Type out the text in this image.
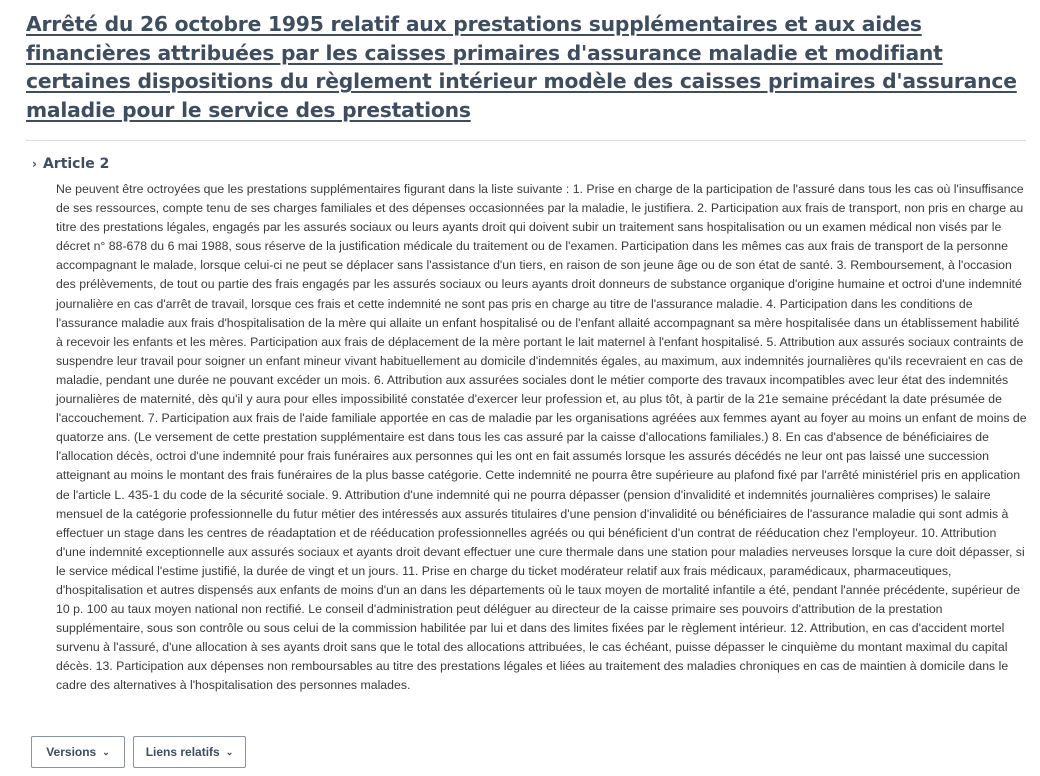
Arrêté du 26 octobre 1995 relatif aux prestations supplémentaires et aux aides financières attribuées par les caisses primaires d'assurance maladie et modifiant certaines dispositions du règlement intérieur modèle des caisses primaires d'assurance maladie pour le service des prestations
› Article 2

Ne peuvent être octroyées que les prestations supplémentaires figurant dans la liste suivante : 1. Prise en charge de la participation de l'assuré dans tous les cas où l'insuffisance de ses ressources, compte tenu de ses charges familiales et des dépenses occasionnées par la maladie, le justifiera. 2. Participation aux frais de transport, non pris en charge au titre des prestations légales, engagés par les assurés sociaux ou leurs ayants droit qui doivent subir un traitement sans hospitalisation ou un examen médical non visés par le décret n° 88-678 du 6 mai 1988, sous réserve de la justification médicale du traitement ou de l'examen. Participation dans les mêmes cas aux frais de transport de la personne accompagnant le malade, lorsque celui-ci ne peut se déplacer sans l'assistance d'un tiers, en raison de son jeune âge ou de son état de santé. 3. Remboursement, à l'occasion des prélèvements, de tout ou partie des frais engagés par les assurés sociaux ou leurs ayants droit donneurs de substance organique d'origine humaine et octroi d'une indemnité journalière en cas d'arrêt de travail, lorsque ces frais et cette indemnité ne sont pas pris en charge au titre de l'assurance maladie. 4. Participation dans les conditions de l'assurance maladie aux frais d'hospitalisation de la mère qui allaite un enfant hospitalisé ou de l'enfant allaité accompagnant sa mère hospitalisée dans un établissement habilité à recevoir les enfants et les mères. Participation aux frais de déplacement de la mère portant le lait maternel à l'enfant hospitalisé. 5. Attribution aux assurés sociaux contraints de suspendre leur travail pour soigner un enfant mineur vivant habituellement au domicile d'indemnités égales, au maximum, aux indemnités journalières qu'ils recevraient en cas de maladie, pendant une durée ne pouvant excéder un mois. 6. Attribution aux assurées sociales dont le métier comporte des travaux incompatibles avec leur état des indemnités journalières de maternité, dès qu'il y aura pour elles impossibilité constatée d'exercer leur profession et, au plus tôt, à partir de la 21e semaine précédant la date présumée de l'accouchement. 7. Participation aux frais de l'aide familiale apportée en cas de maladie par les organisations agréées aux femmes ayant au foyer au moins un enfant de moins de quatorze ans. (Le versement de cette prestation supplémentaire est dans tous les cas assuré par la caisse d'allocations familiales.) 8. En cas d'absence de bénéficiaires de l'allocation décès, octroi d'une indemnité pour frais funéraires aux personnes qui les ont en fait assumés lorsque les assurés décédés ne leur ont pas laissé une succession atteignant au moins le montant des frais funéraires de la plus basse catégorie. Cette indemnité ne pourra être supérieure au plafond fixé par l'arrêté ministériel pris en application de l'article L. 435-1 du code de la sécurité sociale. 9. Attribution d'une indemnité qui ne pourra dépasser (pension d'invalidité et indemnités journalières comprises) le salaire mensuel de la catégorie professionnelle du futur métier des intéressés aux assurés titulaires d'une pension d'invalidité ou bénéficiaires de l'assurance maladie qui sont admis à effectuer un stage dans les centres de réadaptation et de rééducation professionnelles agréés ou qui bénéficient d'un contrat de rééducation chez l'employeur. 10. Attribution d'une indemnité exceptionnelle aux assurés sociaux et ayants droit devant effectuer une cure thermale dans une station pour maladies nerveuses lorsque la cure doit dépasser, si le service médical l'estime justifié, la durée de vingt et un jours. 11. Prise en charge du ticket modérateur relatif aux frais médicaux, paramédicaux, pharmaceutiques, d'hospitalisation et autres dispensés aux enfants de moins d'un an dans les départements où le taux moyen de mortalité infantile a été, pendant l'année précédente, supérieur de 10 p. 100 au taux moyen national non rectifié. Le conseil d'administration peut déléguer au directeur de la caisse primaire ses pouvoirs d'attribution de la prestation supplémentaire, sous son contrôle ou sous celui de la commission habilitée par lui et dans des limites fixées par le règlement intérieur. 12. Attribution, en cas d'accident mortel survenu à l'assuré, d'une allocation à ses ayants droit sans que le total des allocations attribuées, le cas échéant, puisse dépasser le cinquième du montant maximal du capital décès. 13. Participation aux dépenses non remboursables au titre des prestations légales et liées au traitement des maladies chroniques en cas de maintien à domicile dans le cadre des alternatives à l'hospitalisation des personnes malades.

Versions ⌄	Liens relatifs ⌄
